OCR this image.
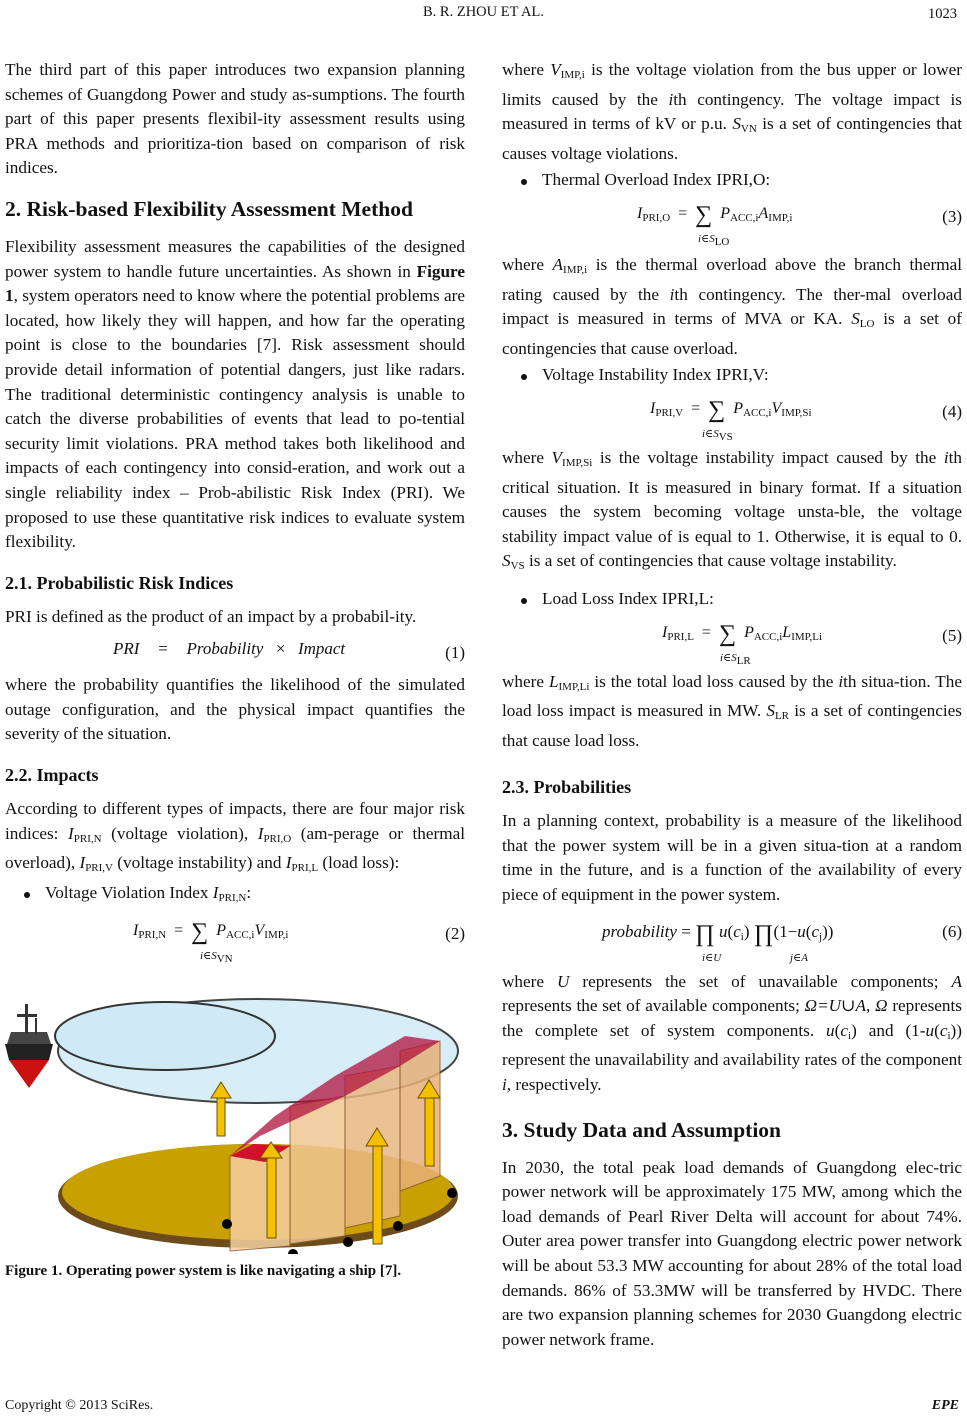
B. R. ZHOU ET AL.	1023

The third part of this paper introduces two expansion planning schemes of Guangdong Power and study as-sumptions. The fourth part of this paper presents flexibil-ity assessment results using PRA methods and prioritiza-tion based on comparison of risk indices.

2. Risk-based Flexibility Assessment Method

Flexibility assessment measures the capabilities of the designed power system to handle future uncertainties. As shown in Figure 1, system operators need to know where the potential problems are located, how likely they will happen, and how far the operating point is close to the boundaries [7]. Risk assessment should provide detail information of potential dangers, just like radars. The traditional deterministic contingency analysis is unable to catch the diverse probabilities of events that lead to po-tential security limit violations. PRA method takes both likelihood and impacts of each contingency into consid-eration, and work out a single reliability index – Prob-abilistic Risk Index (PRI). We proposed to use these quantitative risk indices to evaluate system flexibility.

2.1. Probabilistic Risk Indices

PRI is defined as the product of an impact by a probabil-ity.

PRI = Probability × Impact	(1)

where the probability quantifies the likelihood of the simulated outage configuration, and the physical impact quantifies the severity of the situation.

2.2. Impacts

According to different types of impacts, there are four major risk indices: $I_{PRI,N}$ (voltage violation), $I_{PRI,O}$ (am-perage or thermal overload), $I_{PRI,V}$ (voltage instability) and $I_{PRI,L}$ (load loss):

Voltage Violation Index $I_{PRI,N}$:

$I_{PRI,N}$ = ∑ $P_{ACC,i}V_{IMP,i}$
i∈SVN
(2)
Figure 1. Operating power system is like navigating a ship [7].

where $V_{IMP,i}$ is the voltage violation from the bus upper or lower limits caused by the ith contingency. The voltage impact is measured in terms of kV or p.u. $S_{VN}$ is a set of contingencies that causes voltage violations.

Thermal Overload Index IPRI,O:

$I_{PRI,O}$ = ∑ $P_{ACC,i}A_{IMP,i}$
i∈SLO
(3)

where $A_{IMP,i}$ is the thermal overload above the branch thermal rating caused by the ith contingency. The ther-mal overload impact is measured in terms of MVA or KA. $S_{LO}$ is a set of contingencies that cause overload.

Voltage Instability Index IPRI,V:

$I_{PRI,V}$ = ∑ $P_{ACC,i}V_{IMP,Si}$
i∈SVS
(4)

where $V_{IMP,Si}$ is the voltage instability impact caused by the ith critical situation. It is measured in binary format. If a situation causes the system becoming voltage unsta-ble, the voltage stability impact value of is equal to 1. Otherwise, it is equal to 0. $S_{VS}$ is a set of contingencies that cause voltage instability.

Load Loss Index IPRI,L:

$I_{PRI,L}$ = ∑ $P_{ACC,i}L_{IMP,Li}$
i∈SLR
(5)

where $L_{IMP,Li}$ is the total load loss caused by the ith situa-tion. The load loss impact is measured in MW. $S_{LR}$ is a set of contingencies that cause load loss.

2.3. Probabilities

In a planning context, probability is a measure of the likelihood that the power system will be in a given situa-tion at a random time in the future, and is a function of the availability of every piece of equipment in the power system.

probability = ∏ $u(c_i)$ $\prod(1-u(c_j))$
i∈U	j∈A
(6)

where U represents the set of unavailable components; A represents the set of available components; Ω=U∪A, Ω represents the complete set of system components. $u(c_i)$ and $(1-u(c_i))$ represent the unavailability and availability rates of the component i, respectively.

3. Study Data and Assumption

In 2030, the total peak load demands of Guangdong elec-tric power network will be approximately 175 MW, among which the load demands of Pearl River Delta will account for about 74%. Outer area power transfer into Guangdong electric power network will be about 53.3 MW accounting for about 28% of the total load demands. 86% of 53.3MW will be transferred by HVDC. There are two expansion planning schemes for 2030 Guangdong electric power network frame.

Copyright © 2013 SciRes.	EPE
